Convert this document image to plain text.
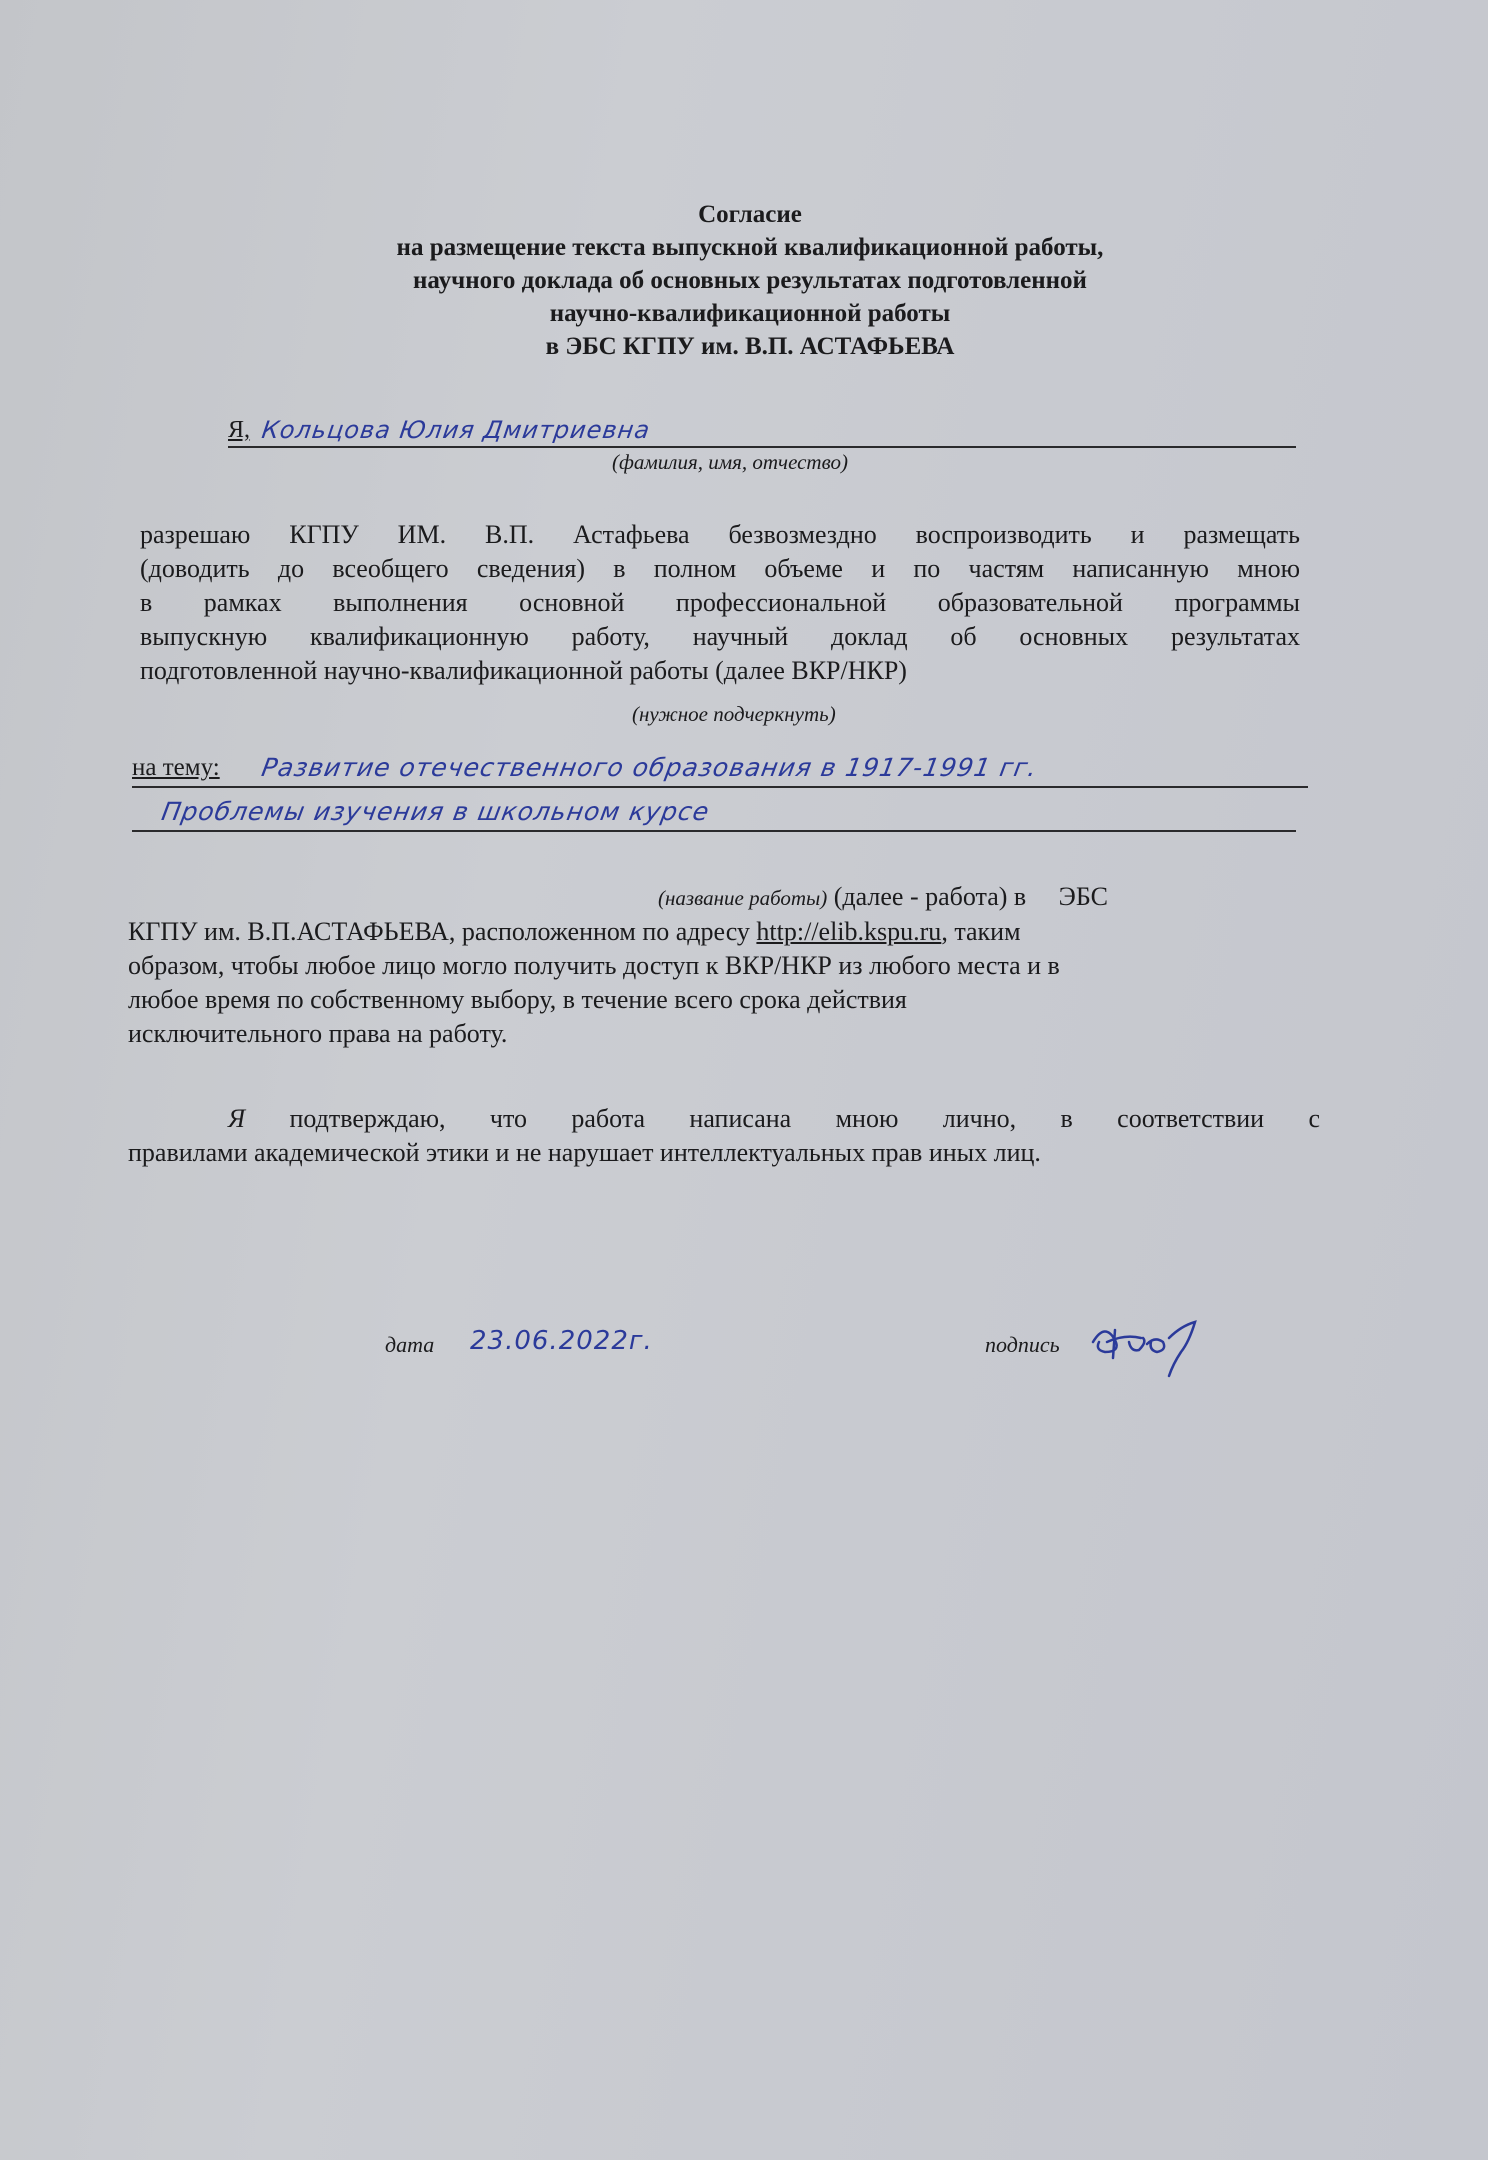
Согласие
на размещение текста выпускной квалификационной работы,
научного доклада об основных результатах подготовленной
научно-квалификационной работы
в ЭБС КГПУ им. В.П. АСТАФЬЕВА
Я, Кольцова Юлия Дмитриевна
(фамилия, имя, отчество)
разрешаю КГПУ ИМ. В.П. Астафьева безвозмездно воспроизводить и размещать
(доводить до всеобщего сведения) в полном объеме и по частям написанную мною
в рамках выполнения основной профессиональной образовательной программы
выпускную квалификационную работу, научный доклад об основных результатах
подготовленной научно-квалификационной работы (далее ВКР/НКР)
(нужное подчеркнуть)
на тему: Развитие отечественного образования в 1917-1991 гг.
Проблемы изучения в школьном курсе
(название работы) (далее - работа) в     ЭБС
КГПУ им. В.П.АСТАФЬЕВА, расположенном по адресу http://elib.kspu.ru, таким
образом, чтобы любое лицо могло получить доступ к ВКР/НКР из любого места и в
любое время по собственному выбору, в течение всего срока действия
исключительного права на работу.
Я подтверждаю, что работа написана мною лично, в соответствии с
правилами академической этики и не нарушает интеллектуальных прав иных лиц.
дата 23.06.2022г.	подпись
